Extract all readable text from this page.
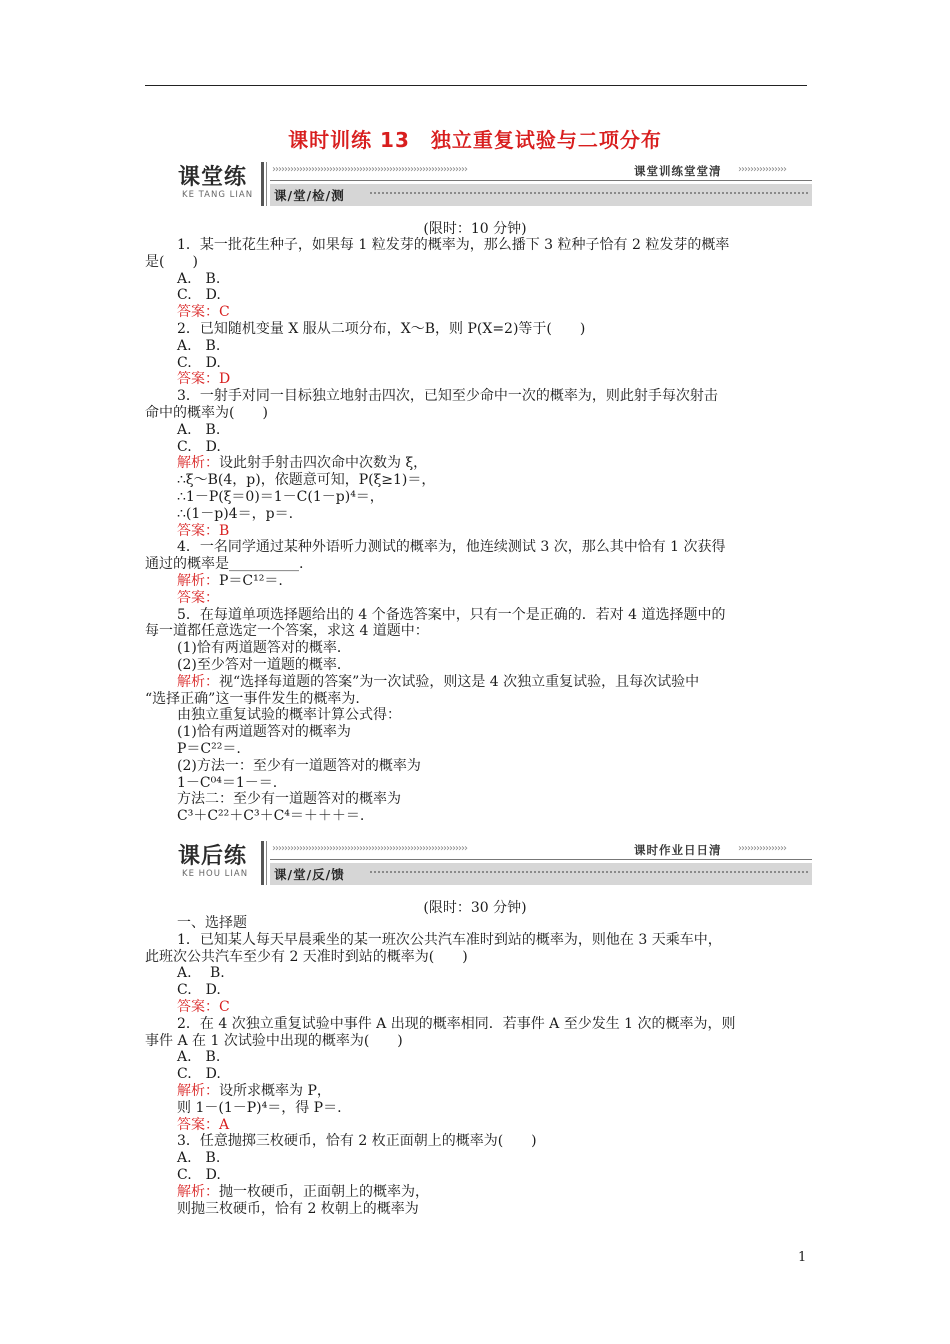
课时训练 13　独立重复试验与二项分布
课堂练
KE TANG LIAN
›››››››››››››››››››››››››››››››››››››››››››››››››››››››››››››››››	››››››››››››››››
课堂训练堂堂清
课/堂/检/测
(限时：10 分钟)

1．某一批花生种子，如果每 1 粒发芽的概率为，那么播下 3 粒种子恰有 2 粒发芽的概率

是(　　)

A.　B.

C.　D.

答案：C

2．已知随机变量 X 服从二项分布，X～B，则 P(X=2)等于(　　)

A.　B.

C.　D.

答案：D

3．一射手对同一目标独立地射击四次，已知至少命中一次的概率为，则此射手每次射击

命中的概率为(　　)

A.　B.

C.　D.

解析：设此射手射击四次命中次数为 ξ，

∴ξ～B(4，p)，依题意可知，P(ξ≥1)＝，

∴1－P(ξ＝0)＝1－C(1－p)⁴＝，

∴(1－p)4＝，p＝.

答案：B

4．一名同学通过某种外语听力测试的概率为，他连续测试 3 次，那么其中恰有 1 次获得

通过的概率是__________.

解析：P＝C¹²＝.

答案：

5．在每道单项选择题给出的 4 个备选答案中，只有一个是正确的．若对 4 道选择题中的

每一道都任意选定一个答案，求这 4 道题中：

(1)恰有两道题答对的概率．

(2)至少答对一道题的概率．

解析：视“选择每道题的答案”为一次试验，则这是 4 次独立重复试验，且每次试验中

“选择正确”这一事件发生的概率为.

由独立重复试验的概率计算公式得：

(1)恰有两道题答对的概率为

P＝C²²＝.

(2)方法一：至少有一道题答对的概率为

1－C⁰⁴＝1－＝.

方法二：至少有一道题答对的概率为

C³＋C²²＋C³＋C⁴＝＋＋＋＝.

课后练
KE HOU LIAN
›››››››››››››››››››››››››››››››››››››››››››››››››››››››››››››››››	››››››››››››››››
课时作业日日清
课/堂/反/馈
(限时：30 分钟)

一、选择题

1．已知某人每天早晨乘坐的某一班次公共汽车准时到站的概率为，则他在 3 天乘车中，

此班次公共汽车至少有 2 天准时到站的概率为(　　)

A.　 B.

C.　D.

答案：C

2．在 4 次独立重复试验中事件 A 出现的概率相同．若事件 A 至少发生 1 次的概率为，则

事件 A 在 1 次试验中出现的概率为(　　)

A.　B.

C.　D.

解析：设所求概率为 P，

则 1－(1－P)⁴＝，得 P＝.

答案：A

3．任意抛掷三枚硬币，恰有 2 枚正面朝上的概率为(　　)

A.　B.

C.　D.

解析：抛一枚硬币，正面朝上的概率为，

则抛三枚硬币，恰有 2 枚朝上的概率为

1
